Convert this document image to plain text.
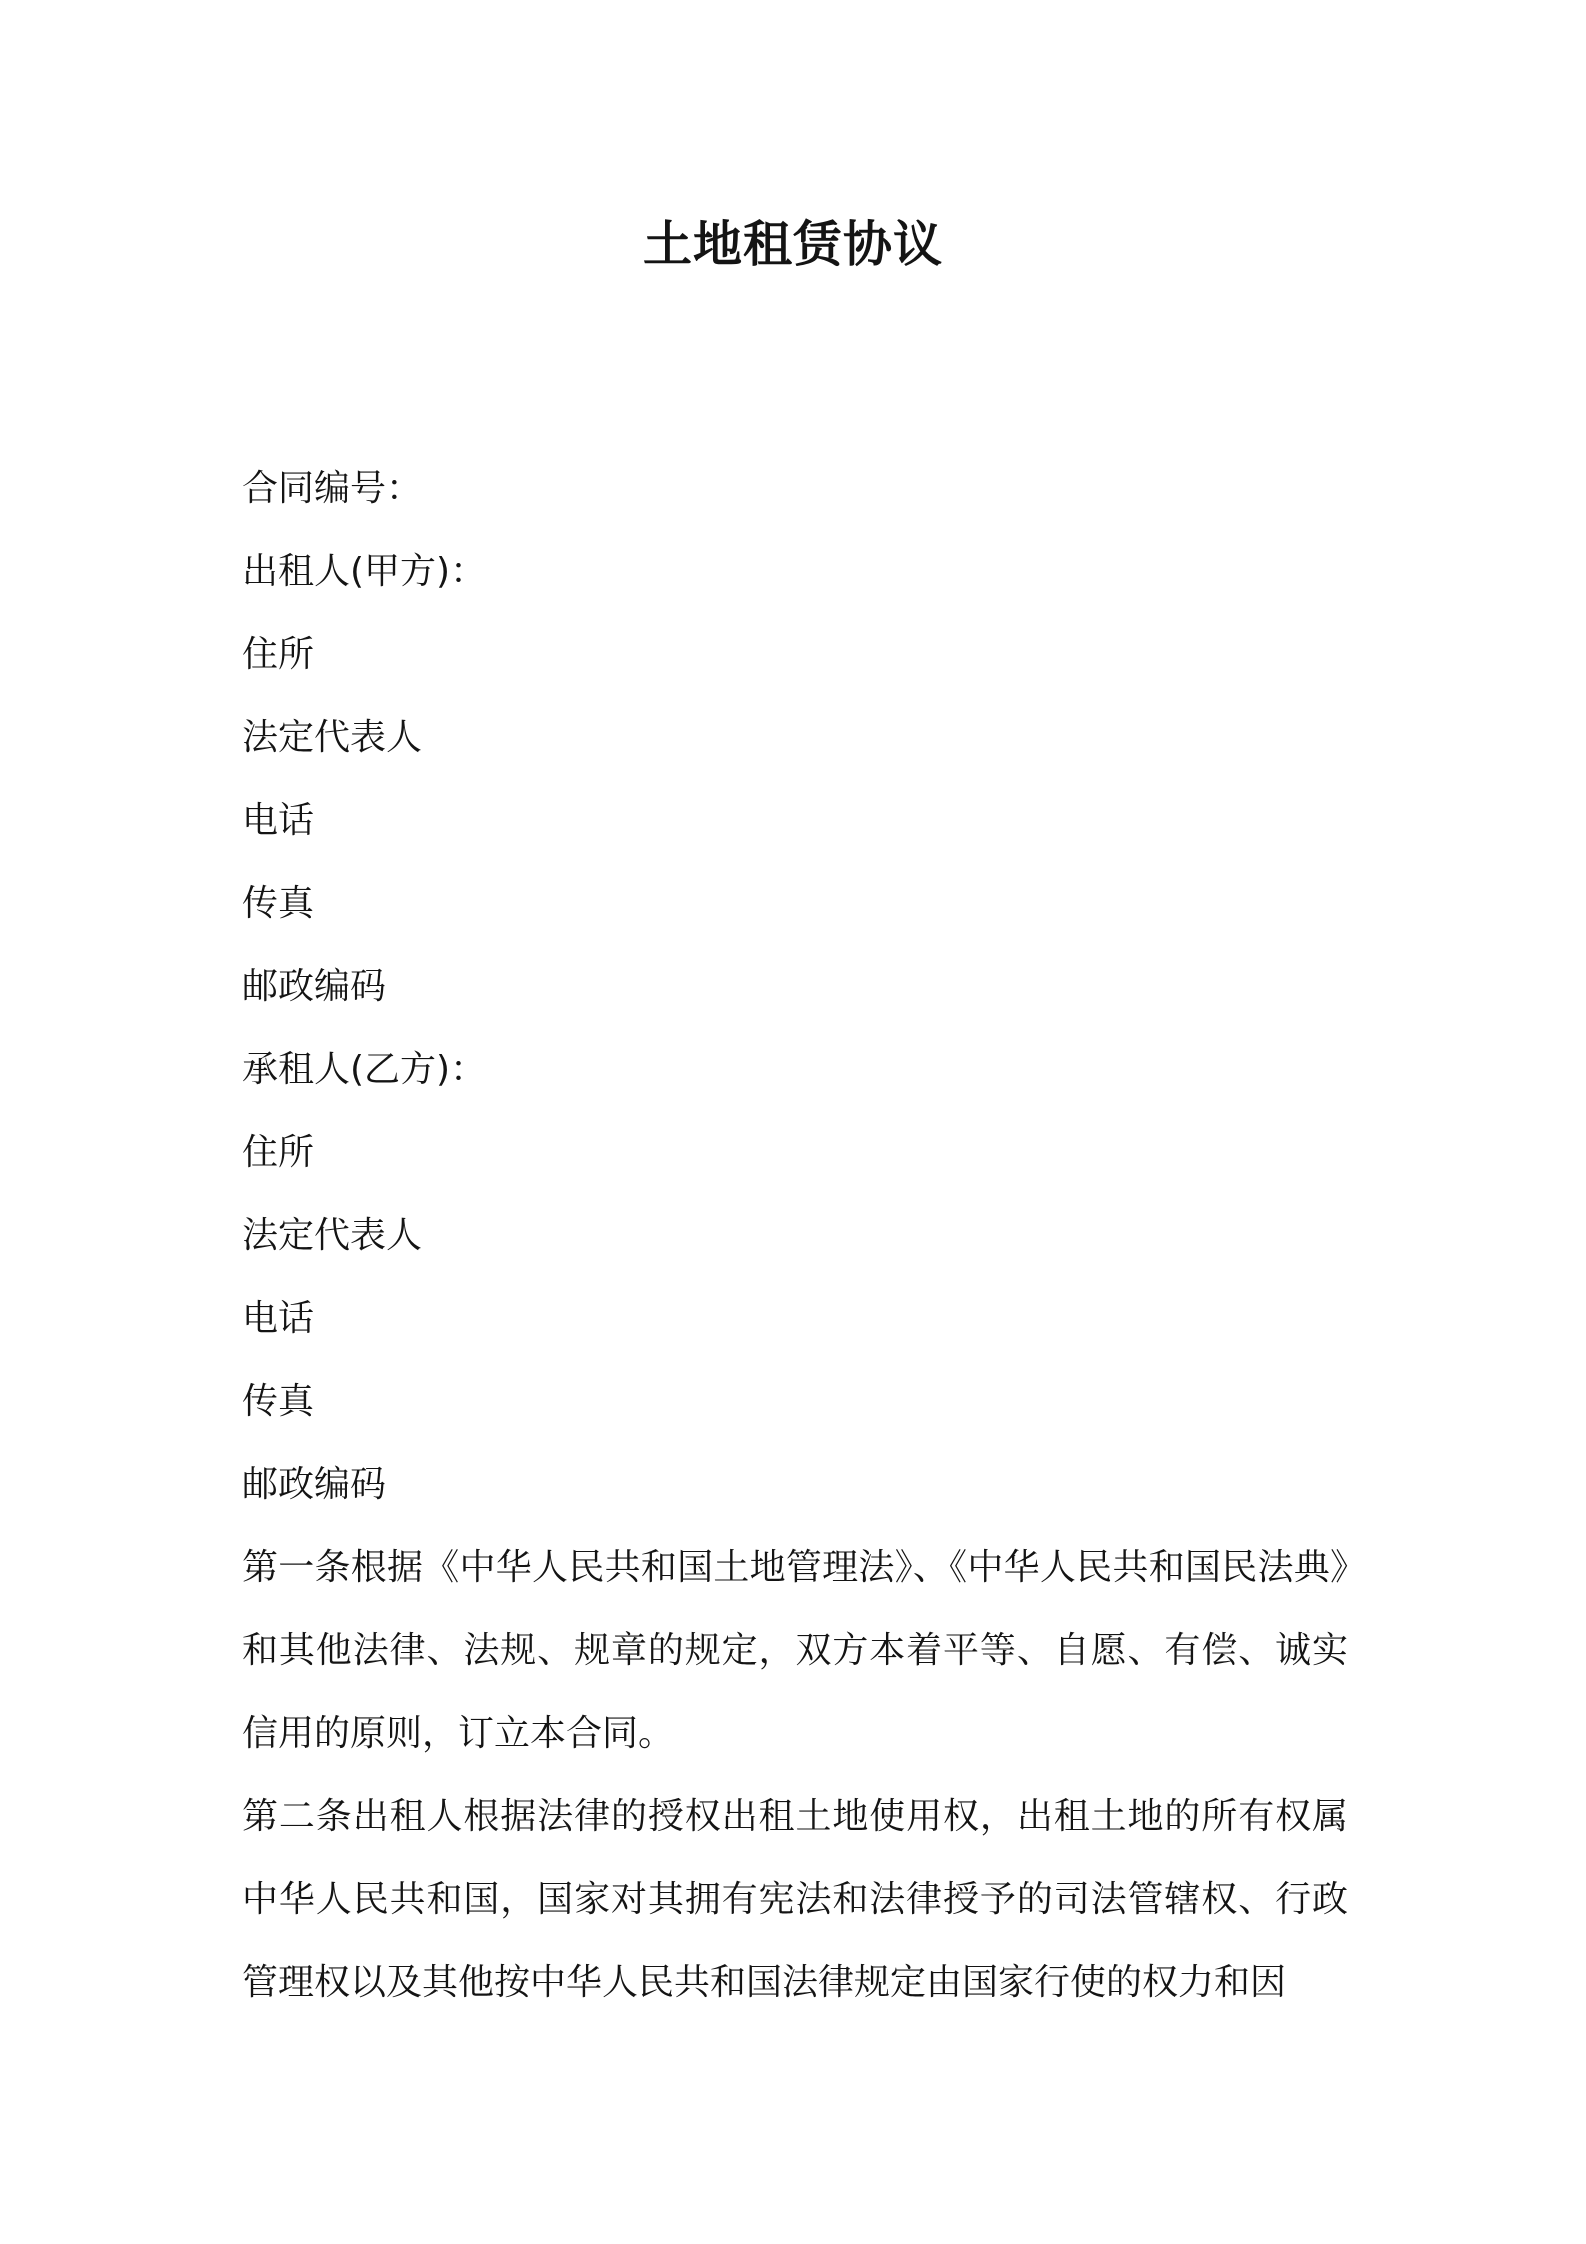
土地租赁协议

合同编号：

出租人(甲方)：

住所

法定代表人

电话

传真

邮政编码

承租人(乙方)：

住所

法定代表人

电话

传真

邮政编码

第一条根据《中华人民共和国土地管理法》、《中华人民共和国民法典》和其他法律、法规、规章的规定，双方本着平等、自愿、有偿、诚实信用的原则，订立本合同。

第二条出租人根据法律的授权出租土地使用权，出租土地的所有权属中华人民共和国，国家对其拥有宪法和法律授予的司法管辖权、行政管理权以及其他按中华人民共和国法律规定由国家行使的权力和因
